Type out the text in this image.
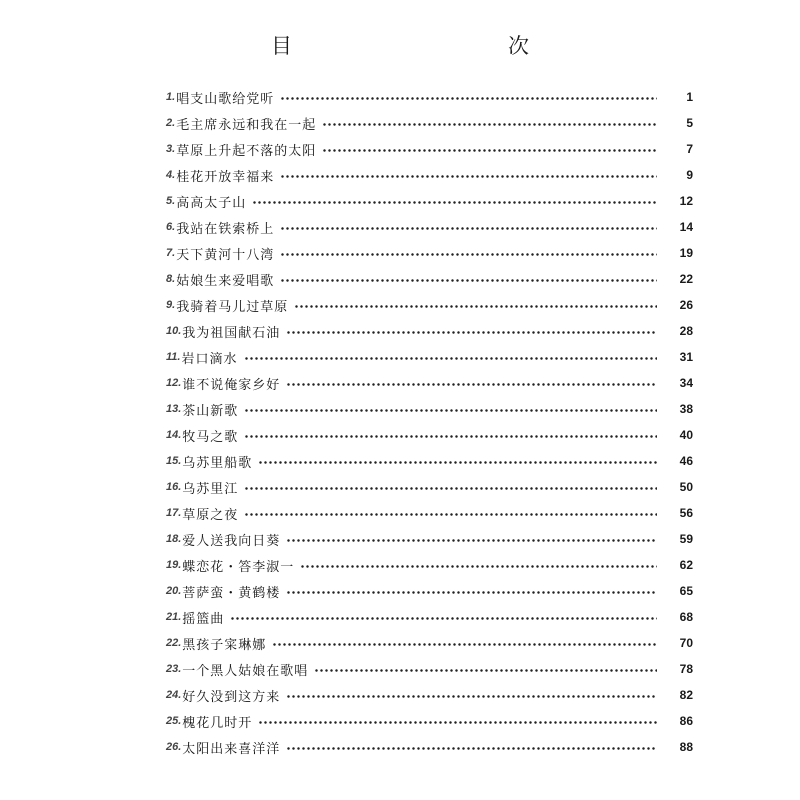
目　　次
1. 唱支山歌给党听	1
2. 毛主席永远和我在一起	5
3. 草原上升起不落的太阳	7
4. 桂花开放幸福来	9
5. 高高太子山	12
6. 我站在铁索桥上	14
7. 天下黄河十八湾	19
8. 姑娘生来爱唱歌	22
9. 我骑着马儿过草原	26
10. 我为祖国献石油	28
11. 岩口滴水	31
12. 谁不说俺家乡好	34
13. 茶山新歌	38
14. 牧马之歌	40
15. 乌苏里船歌	46
16. 乌苏里江	50
17. 草原之夜	56
18. 爱人送我向日葵	59
19. 蝶恋花・答李淑一	62
20. 菩萨蛮・黄鹤楼	65
21. 摇篮曲	68
22. 黑孩子寀琳娜	70
23. 一个黑人姑娘在歌唱	78
24. 好久没到这方来	82
25. 槐花几时开	86
26. 太阳出来喜洋洋	88
